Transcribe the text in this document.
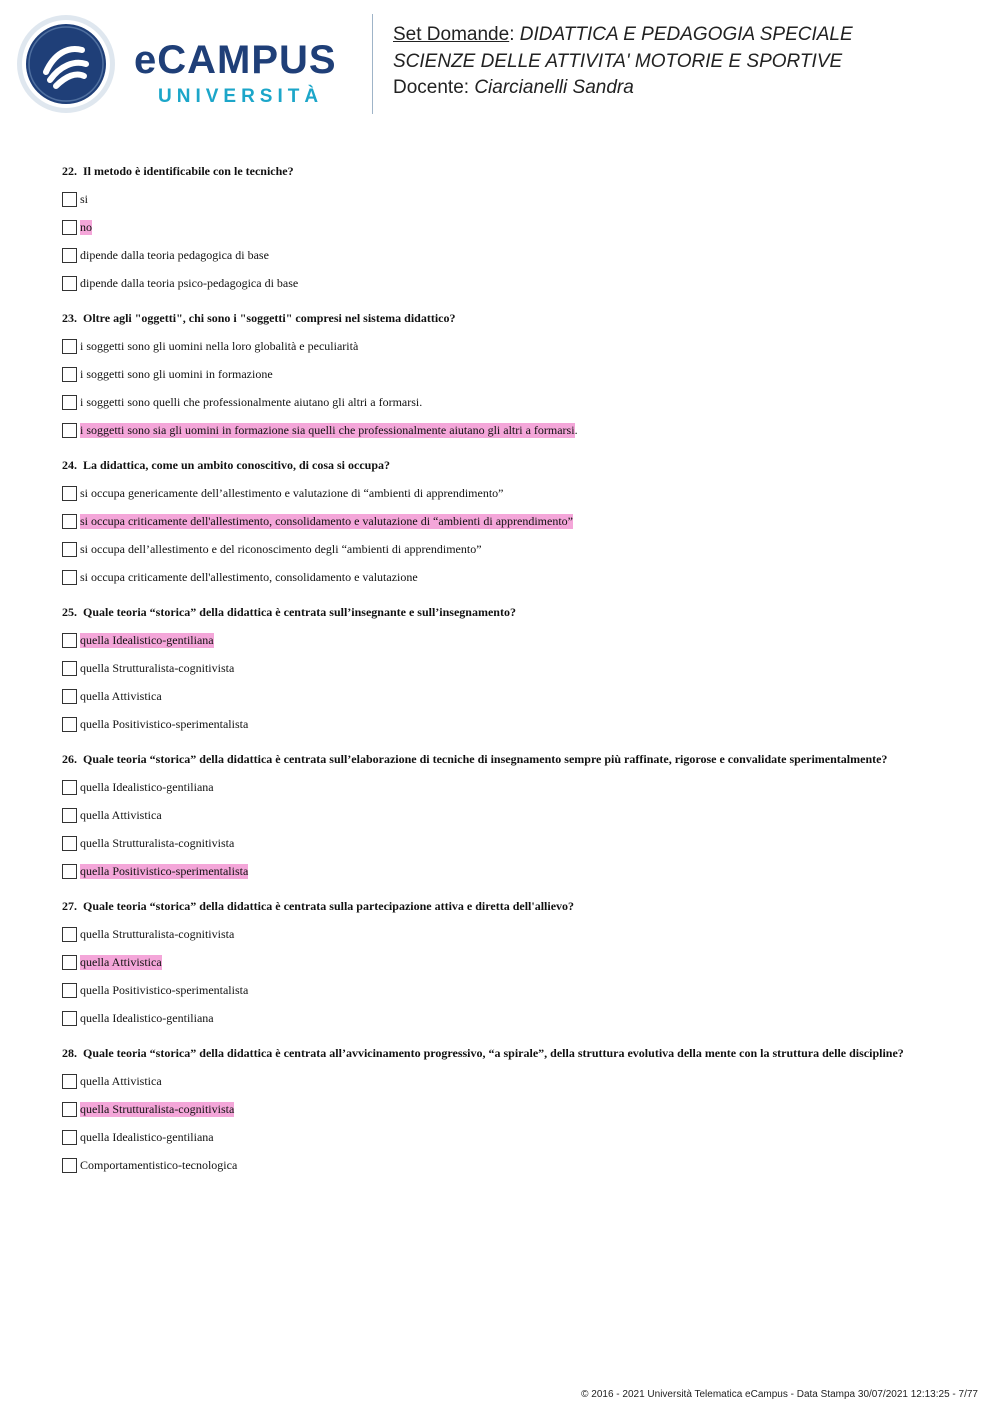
eCAMPUS
UNIVERSITÀ
Set Domande: DIDATTICA E PEDAGOGIA SPECIALE
SCIENZE DELLE ATTIVITA' MOTORIE E SPORTIVE
Docente: Ciarcianelli Sandra
22. Il metodo è identificabile con le tecniche?
si
no
dipende dalla teoria pedagogica di base
dipende dalla teoria psico-pedagogica di base
23. Oltre agli "oggetti", chi sono i "soggetti" compresi nel sistema didattico?
i soggetti sono gli uomini nella loro globalità e peculiarità
i soggetti sono gli uomini in formazione
i soggetti sono quelli che professionalmente aiutano gli altri a formarsi.
i soggetti sono sia gli uomini in formazione sia quelli che professionalmente aiutano gli altri a formarsi .
24. La didattica, come un ambito conoscitivo, di cosa si occupa?
si occupa genericamente dell’allestimento e valutazione di “ambienti di apprendimento”
si occupa criticamente dell'allestimento, consolidamento e valutazione di “ambienti di apprendimento”
si occupa dell’allestimento e del riconoscimento degli “ambienti di apprendimento”
si occupa criticamente dell'allestimento, consolidamento e valutazione
25. Quale teoria “storica” della didattica è centrata sull’insegnante e sull’insegnamento?
quella Idealistico-gentiliana
quella Strutturalista-cognitivista
quella Attivistica
quella Positivistico-sperimentalista
26. Quale teoria “storica” della didattica è centrata sull’elaborazione di tecniche di insegnamento sempre più raffinate, rigorose e convalidate sperimentalmente?
quella Idealistico-gentiliana
quella Attivistica
quella Strutturalista-cognitivista
quella Positivistico-sperimentalista
27. Quale teoria “storica” della didattica è centrata sulla partecipazione attiva e diretta dell'allievo?
quella Strutturalista-cognitivista
quella Attivistica
quella Positivistico-sperimentalista
quella Idealistico-gentiliana
28. Quale teoria “storica” della didattica è centrata all’avvicinamento progressivo, “a spirale”, della struttura evolutiva della mente con la struttura delle discipline?
quella Attivistica
quella Strutturalista-cognitivista
quella Idealistico-gentiliana
Comportamentistico-tecnologica
© 2016 - 2021 Università Telematica eCampus - Data Stampa 30/07/2021 12:13:25 - 7/77
